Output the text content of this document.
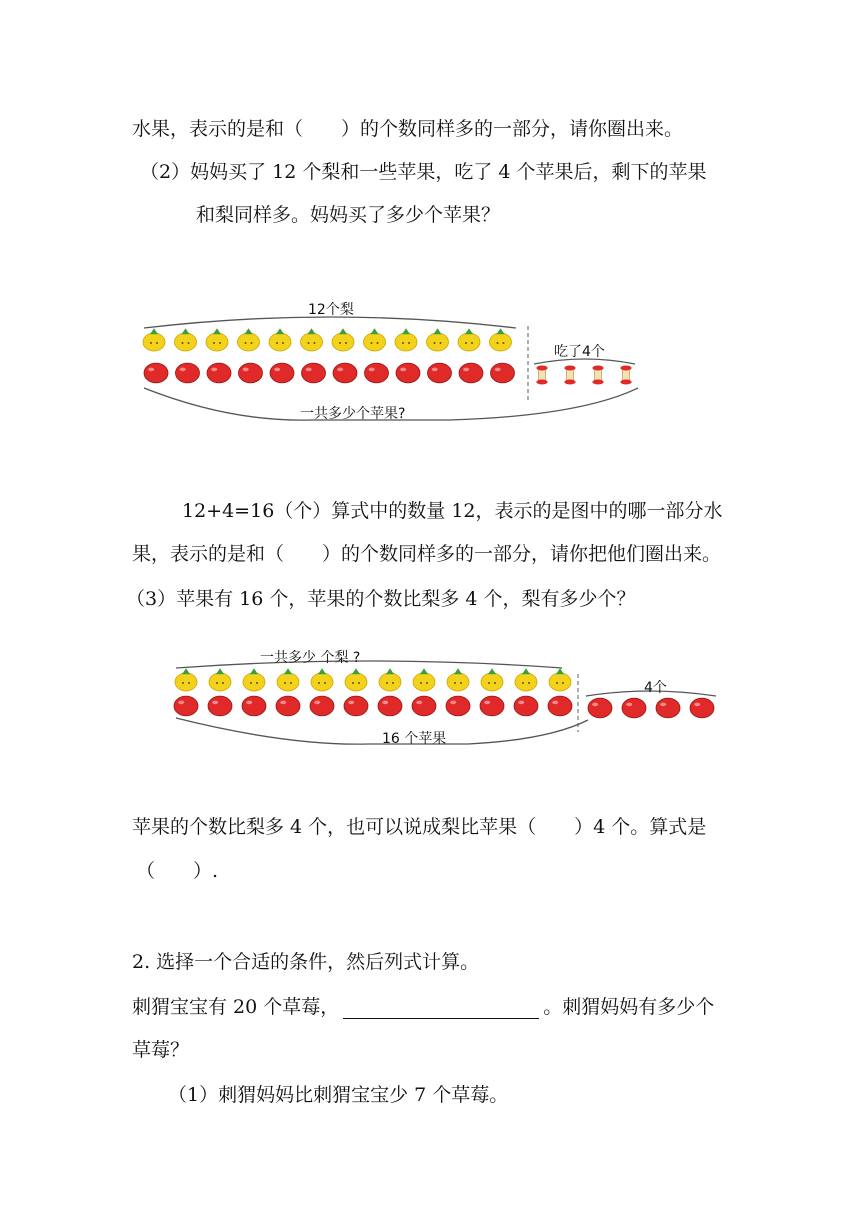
水果，表示的是和（　　）的个数同样多的一部分，请你圈出来。
（2）妈妈买了 12 个梨和一些苹果，吃了 4 个苹果后，剩下的苹果
和梨同样多。妈妈买了多少个苹果？
12个梨
吃了4个
一共多少个苹果?
12+4=16（个）算式中的数量 12，表示的是图中的哪一部分水
果，表示的是和（　　）的个数同样多的一部分，请你把他们圈出来。
（3）苹果有 16 个，苹果的个数比梨多 4 个，梨有多少个？
一共多少 个梨 ?
4个
16 个苹果
苹果的个数比梨多 4 个，也可以说成梨比苹果（　　）4 个。算式是
（　　）.
2. 选择一个合适的条件，然后列式计算。
刺猬宝宝有 20 个草莓，	。刺猬妈妈有多少个
草莓？
（1）刺猬妈妈比刺猬宝宝少 7 个草莓。
